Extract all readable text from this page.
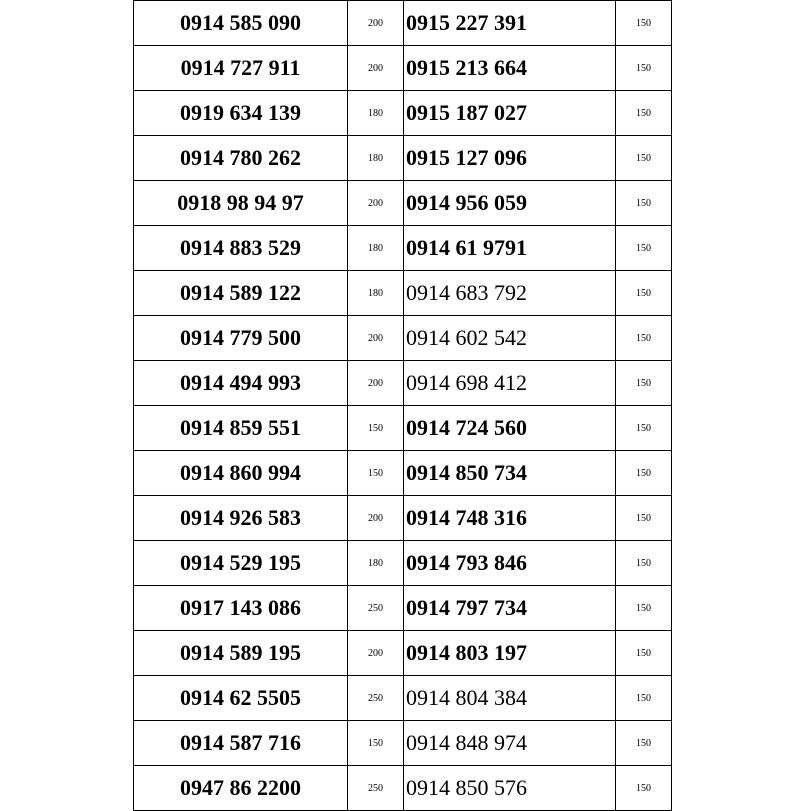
0914 585 090	200	0915 227 391	150
0914 727 911	200	0915 213 664	150
0919 634 139	180	0915 187 027	150
0914 780 262	180	0915 127 096	150
0918 98 94 97	200	0914 956 059	150
0914 883 529	180	0914 61 9791	150
0914 589 122	180	0914 683 792	150
0914 779 500	200	0914 602 542	150
0914 494 993	200	0914 698 412	150
0914 859 551	150	0914 724 560	150
0914 860 994	150	0914 850 734	150
0914 926 583	200	0914 748 316	150
0914 529 195	180	0914 793 846	150
0917 143 086	250	0914 797 734	150
0914 589 195	200	0914 803 197	150
0914 62 5505	250	0914 804 384	150
0914 587 716	150	0914 848 974	150
0947 86 2200	250	0914 850 576	150
